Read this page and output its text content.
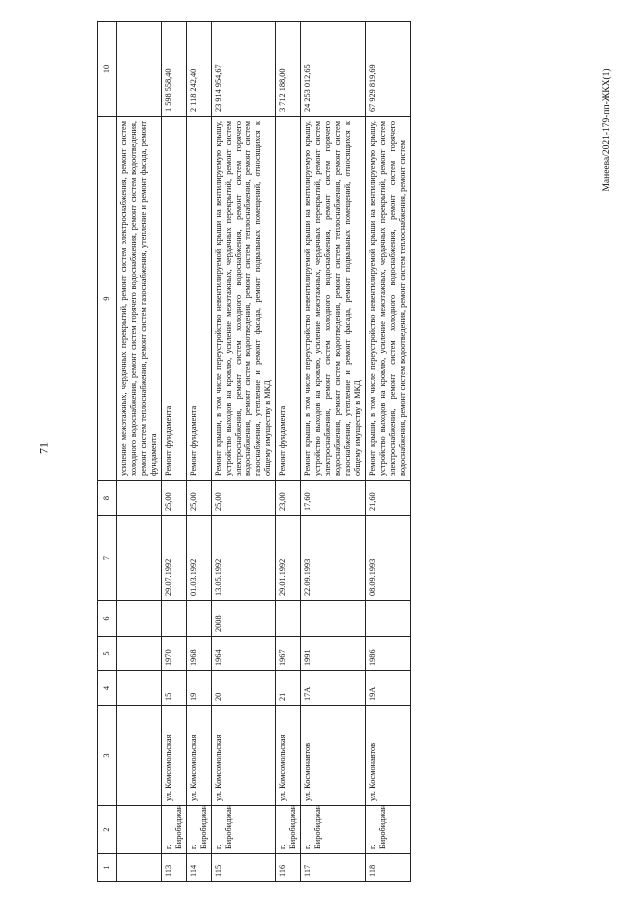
71
Манеева/2021-179-пп-ЖКХ(1)
1	2	3	4	5	6	7	8	9	10
								усиление межэтажных, чердачных перекрытий, ремонт систем электроснабжения, ремонт систем холодного водоснабжения, ремонт систем горячего водоснабжения, ремонт систем водоотведения, ремонт систем теплоснабжения, ремонт систем газоснабжения, утепление и ремонт фасада, ремонт фундамента	
113	г. Биробиджан	ул. Комсомольская	15	1970		29.07.1992	25,00	Ремонт фундамента	1 598 558,40
114	г. Биробиджан	ул. Комсомольская	19	1968		01.03.1992	25,00	Ремонт фундамента	2 118 242,40
115	г. Биробиджан	ул. Комсомольская	20	1964	2008	13.05.1992	25,00	Ремонт крыши, в том числе переустройство невентилируемой крыши на вентилируемую крышу, устройство выходов на кровлю, усиление межэтажных, чердачных перекрытий, ремонт систем электроснабжения, ремонт систем холодного водоснабжения, ремонт систем горячего водоснабжения, ремонт систем водоотведения, ремонт систем теплоснабжения, ремонт систем газоснабжения, утепление и ремонт фасада, ремонт подвальных помещений, относящихся к общему имуществу в МКД	23 914 954,67
116	г. Биробиджан	ул. Комсомольская	21	1967		29.01.1992	23,00	Ремонт фундамента	3 712 188,00
117	г. Биробиджан	ул. Космонавтов	17А	1991		22.09.1993	17,60	Ремонт крыши, в том числе переустройство невентилируемой крыши на вентилируемую крышу, устройство выходов на кровлю, усиление межэтажных, чердачных перекрытий, ремонт систем электроснабжения, ремонт систем холодного водоснабжения, ремонт систем горячего водоснабжения, ремонт систем водоотведения, ремонт систем теплоснабжения, ремонт систем газоснабжения, утепление и ремонт фасада, ремонт подвальных помещений, относящихся к общему имуществу в МКД	24 253 012,65
118	г. Биробиджан	ул. Космонавтов	19А	1986		08.09.1993	21,60	Ремонт крыши, в том числе переустройство невентилируемой крыши на вентилируемую крышу, устройство выходов на кровлю, усиление межэтажных, чердачных перекрытий, ремонт систем электроснабжения, ремонт систем холодного водоснабжения, ремонт систем горячего водоснабжения, ремонт систем водоотведения, ремонт систем теплоснабжения, ремонт систем	67 929 819,69
